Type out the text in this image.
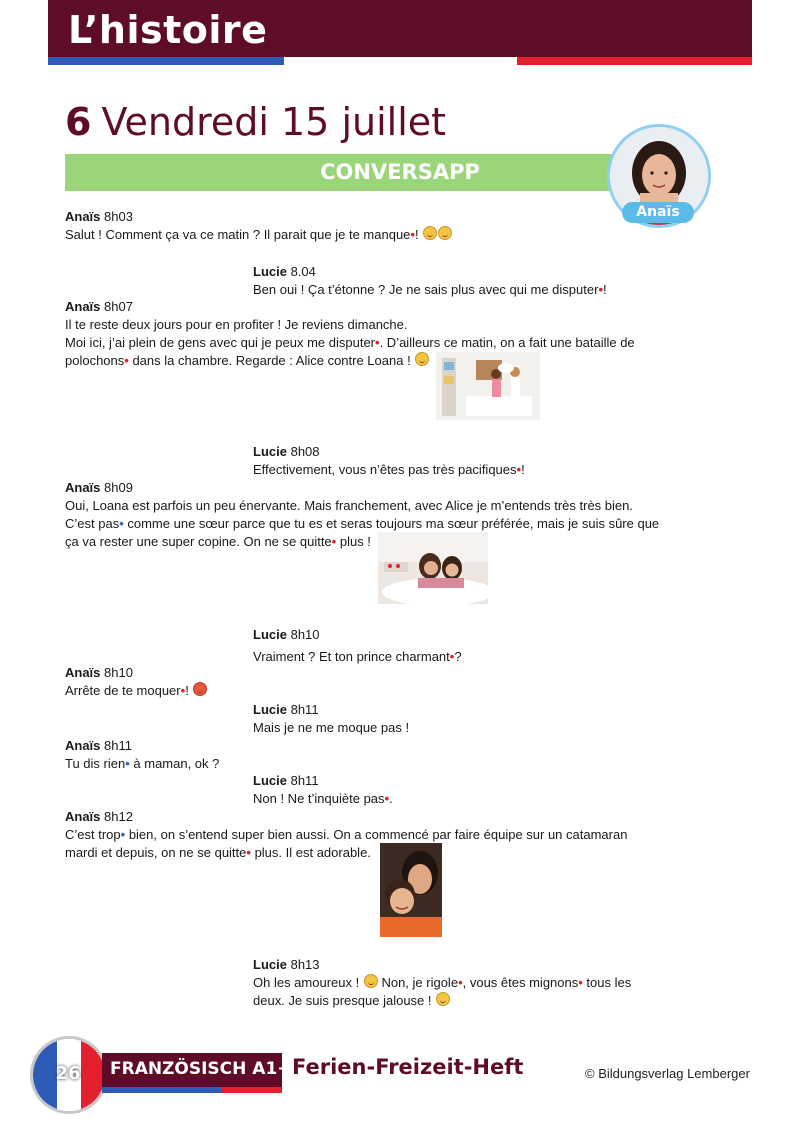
L’histoire
6 Vendredi 15 juillet
CONVERSAPP
Anaïs
Anaïs 8h03
Salut ! Comment ça va ce matin ? Il parait que je te manque•!
Lucie 8.04
Ben oui ! Ça t’étonne ? Je ne sais plus avec qui me disputer•!
Anaïs 8h07
Il te reste deux jours pour en profiter ! Je reviens dimanche.
Moi ici, j’ai plein de gens avec qui je peux me disputer•. D’ailleurs ce matin, on a fait une bataille de
polochons• dans la chambre. Regarde : Alice contre Loana !
Lucie 8h08
Effectivement, vous n’êtes pas très pacifiques•!
Anaïs 8h09
Oui, Loana est parfois un peu énervante. Mais franchement, avec Alice je m’entends très très bien.
C’est pas• comme une sœur parce que tu es et seras toujours ma sœur préférée, mais je suis sûre que
ça va rester une super copine. On ne se quitte• plus !
Lucie 8h10
Vraiment ? Et ton prince charmant•?
Anaïs 8h10
Arrête de te moquer•!
Lucie 8h11
Mais je ne me moque pas !
Anaïs 8h11
Tu dis rien• à maman, ok ?
Lucie 8h11
Non ! Ne t’inquiète pas•.
Anaïs 8h12
C’est trop• bien, on s’entend super bien aussi. On a commencé par faire équipe sur un catamaran
mardi et depuis, on ne se quitte• plus. Il est adorable.
Lucie 8h13
Oh les amoureux !  Non, je rigole•, vous êtes mignons• tous les
deux. Je suis presque jalouse !
26	FRANZÖSISCH A1+/A2
Ferien-Freizeit-Heft	© Bildungsverlag Lemberger
